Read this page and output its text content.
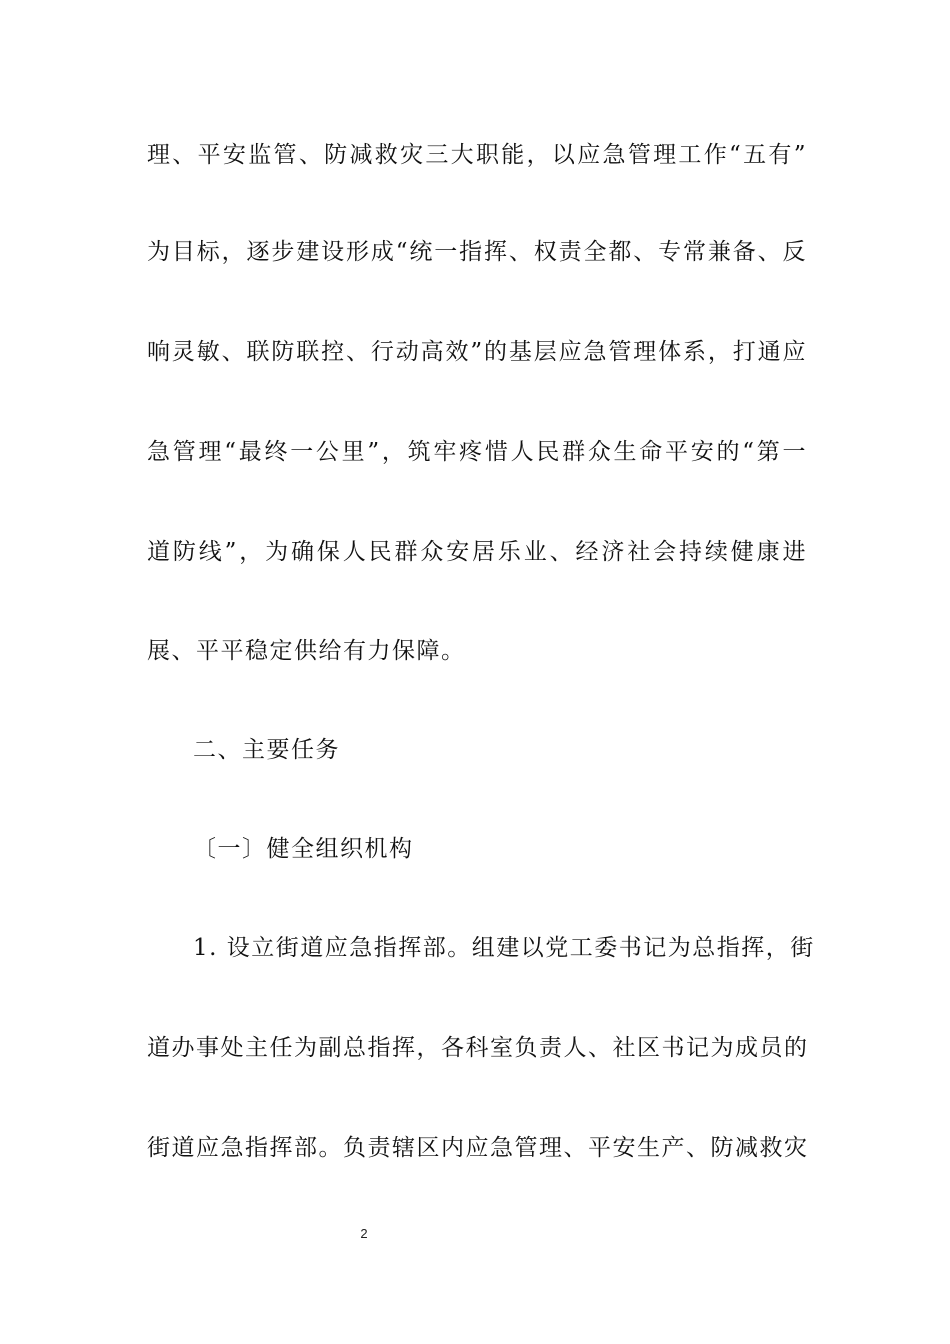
理、平安监管、防减救灾三大职能，以应急管理工作“五有”
为目标，逐步建设形成“统一指挥、权责全都、专常兼备、反
响灵敏、联防联控、行动高效”的基层应急管理体系，打通应
急管理“最终一公里”，筑牢疼惜人民群众生命平安的“第一
道防线”，为确保人民群众安居乐业、经济社会持续健康进
展、平平稳定供给有力保障。
二、主要任务
〔一〕健全组织机构
1. 设立街道应急指挥部。组建以党工委书记为总指挥，街
道办事处主任为副总指挥，各科室负责人、社区书记为成员的
街道应急指挥部。负责辖区内应急管理、平安生产、防减救灾
2
